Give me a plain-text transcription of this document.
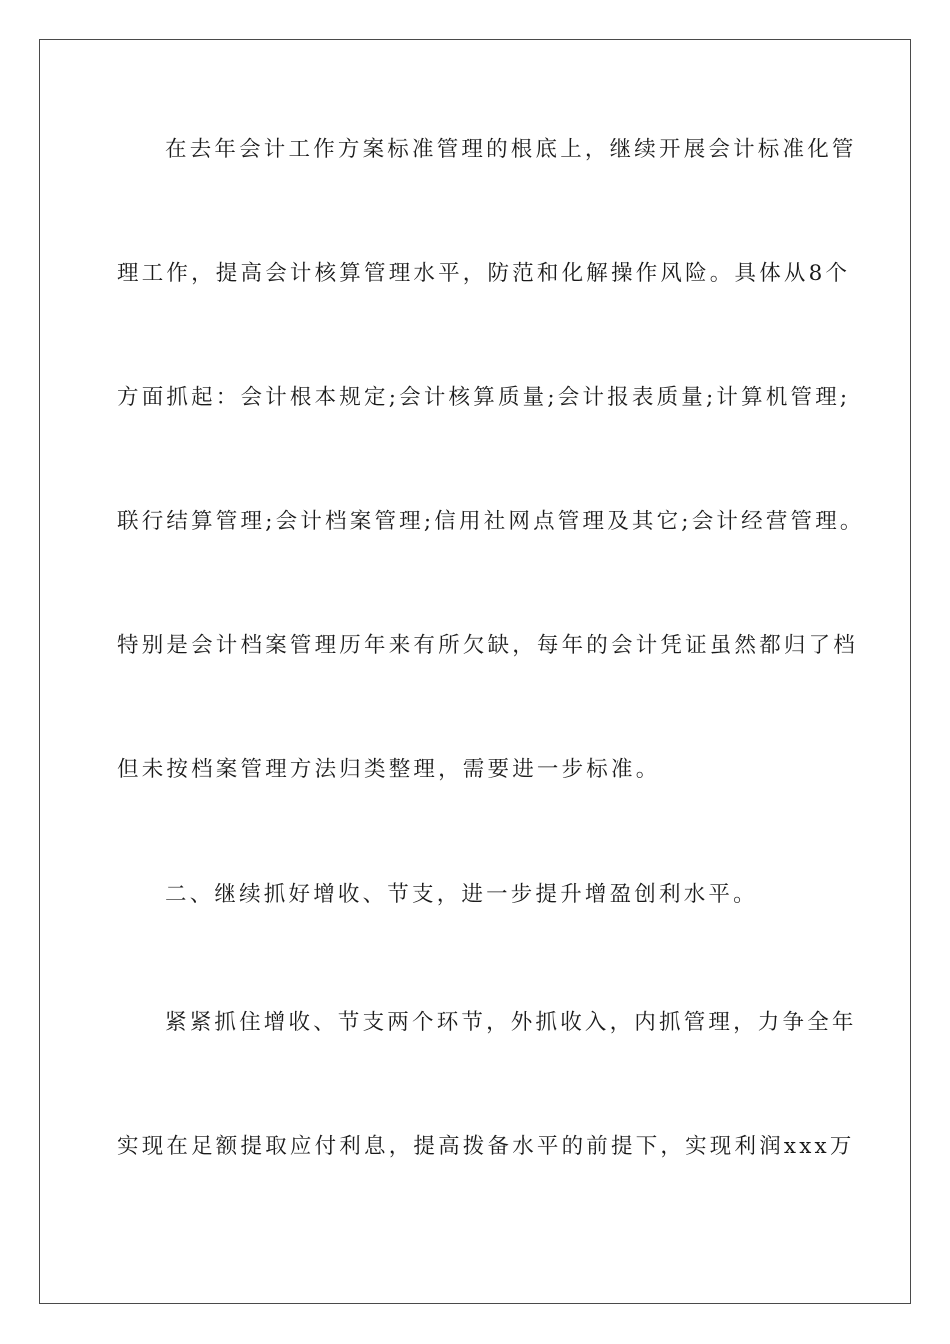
在去年会计工作方案标准管理的根底上，继续开展会计标准化管

理工作，提高会计核算管理水平，防范和化解操作风险。具体从8个

方面抓起：会计根本规定;会计核算质量;会计报表质量;计算机管理;

联行结算管理;会计档案管理;信用社网点管理及其它;会计经营管理。

特别是会计档案管理历年来有所欠缺，每年的会计凭证虽然都归了档

但未按档案管理方法归类整理，需要进一步标准。

二、继续抓好增收、节支，进一步提升增盈创利水平。

紧紧抓住增收、节支两个环节，外抓收入，内抓管理，力争全年

实现在足额提取应付利息，提高拨备水平的前提下，实现利润xxx万
